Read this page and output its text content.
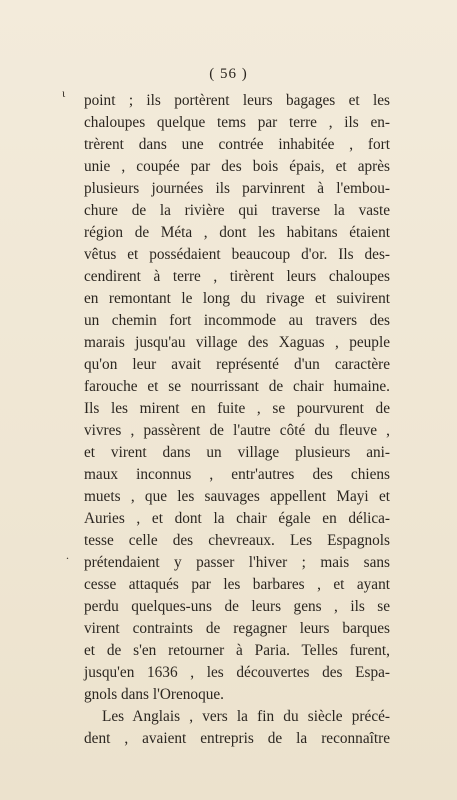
( 56 )
ι
.
point ; ils portèrent leurs bagages et les
chaloupes quelque tems par terre , ils en-
trèrent dans une contrée inhabitée , fort
unie , coupée par des bois épais, et après
plusieurs journées ils parvinrent à l'embou-
chure de la rivière qui traverse la vaste
région de Méta , dont les habitans étaient
vêtus et possédaient beaucoup d'or. Ils des-
cendirent à terre , tirèrent leurs chaloupes
en remontant le long du rivage et suivirent
un chemin fort incommode au travers des
marais jusqu'au village des Xaguas , peuple
qu'on leur avait représenté d'un caractère
farouche et se nourrissant de chair humaine.
Ils les mirent en fuite , se pourvurent de
vivres , passèrent de l'autre côté du fleuve ,
et virent dans un village plusieurs ani-
maux inconnus , entr'autres des chiens
muets , que les sauvages appellent Mayi et
Auries , et dont la chair égale en délica-
tesse celle des chevreaux. Les Espagnols
prétendaient y passer l'hiver ; mais sans
cesse attaqués par les barbares , et ayant
perdu quelques-uns de leurs gens , ils se
virent contraints de regagner leurs barques
et de s'en retourner à Paria. Telles furent,
jusqu'en 1636 , les découvertes des Espa-
gnols dans l'Orenoque.
Les Anglais , vers la fin du siècle précé-
dent , avaient entrepris de la reconnaître
